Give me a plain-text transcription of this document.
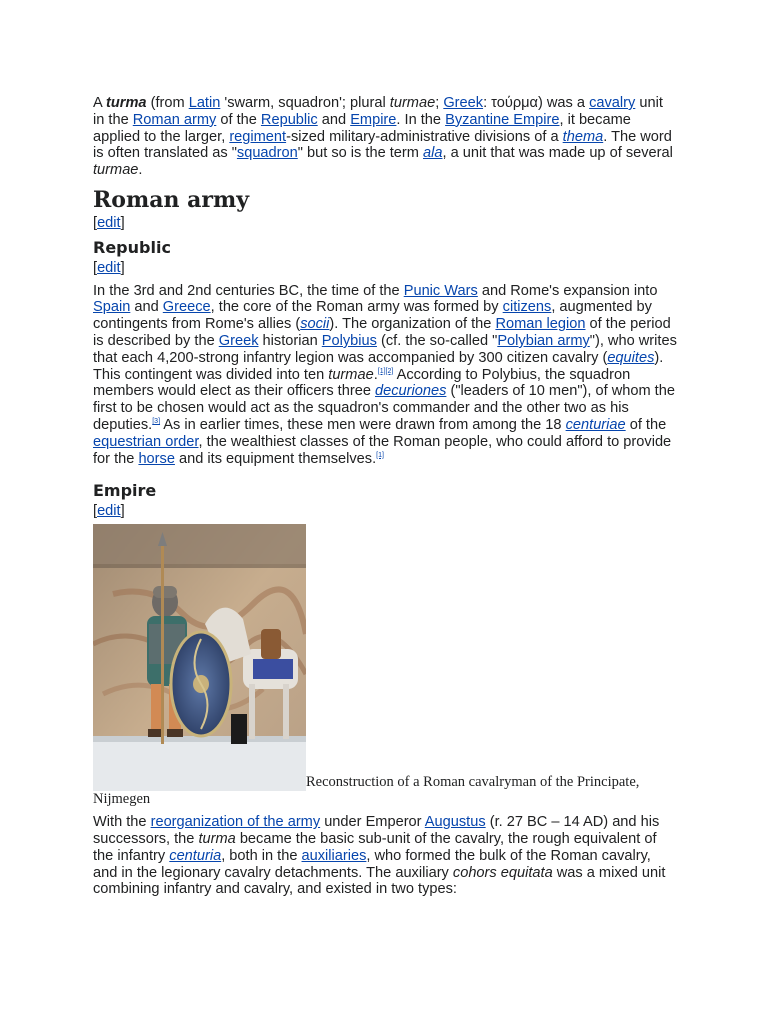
A turma (from Latin 'swarm, squadron'; plural turmae; Greek: τούρμα) was a cavalry unit in the Roman army of the Republic and Empire. In the Byzantine Empire, it became applied to the larger, regiment-sized military-administrative divisions of a thema. The word is often translated as "squadron" but so is the term ala, a unit that was made up of several turmae.

Roman army
[edit]
Republic
[edit]

In the 3rd and 2nd centuries BC, the time of the Punic Wars and Rome's expansion into Spain and Greece, the core of the Roman army was formed by citizens, augmented by contingents from Rome's allies (socii). The organization of the Roman legion of the period is described by the Greek historian Polybius (cf. the so-called "Polybian army"), who writes that each 4,200-strong infantry legion was accompanied by 300 citizen cavalry (equites). This contingent was divided into ten turmae.[1][2] According to Polybius, the squadron members would elect as their officers three decuriones ("leaders of 10 men"), of whom the first to be chosen would act as the squadron's commander and the other two as his deputies.[3] As in earlier times, these men were drawn from among the 18 centuriae of the equestrian order, the wealthiest classes of the Roman people, who could afford to provide for the horse and its equipment themselves.[1]

Empire
[edit]
Reconstruction of a Roman cavalryman of the Principate, Nijmegen

With the reorganization of the army under Emperor Augustus (r. 27 BC – 14 AD) and his successors, the turma became the basic sub-unit of the cavalry, the rough equivalent of the infantry centuria, both in the auxiliaries, who formed the bulk of the Roman cavalry, and in the legionary cavalry detachments. The auxiliary cohors equitata was a mixed unit combining infantry and cavalry, and existed in two types:
